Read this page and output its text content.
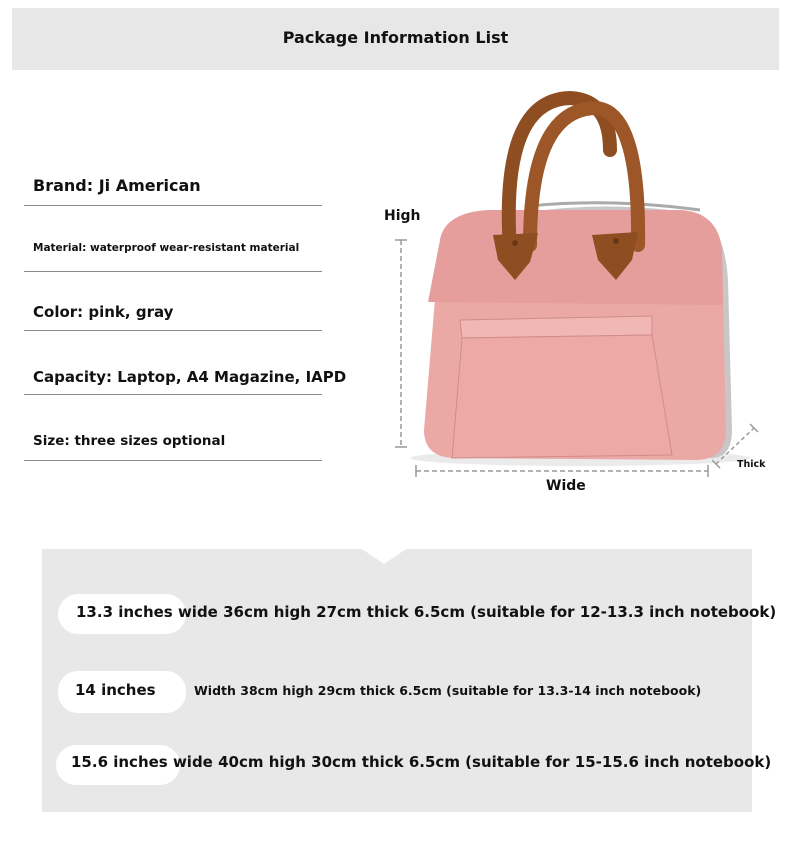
Package Information List
Brand: Ji American
Material: waterproof wear-resistant material
Color: pink, gray
Capacity: Laptop, A4 Magazine, IAPD
Size: three sizes optional
High
Wide
Thick
13.3 inches wide 36cm high 27cm thick 6.5cm (suitable for 12-13.3 inch notebook)
14 inches	Width 38cm high 29cm thick 6.5cm (suitable for 13.3-14 inch notebook)
15.6 inches wide 40cm high 30cm thick 6.5cm (suitable for 15-15.6 inch notebook)
